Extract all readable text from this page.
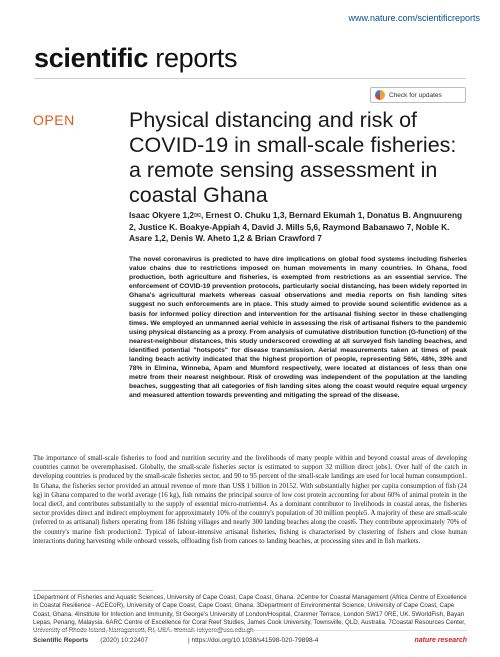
www.nature.com/scientificreports
scientific reports
Check for updates
OPEN	Physical distancing and risk of COVID-19 in small-scale fisheries: a remote sensing assessment in coastal Ghana
Isaac Okyere 1,2✉, Ernest O. Chuku 1,3, Bernard Ekumah 1, Donatus B. Angnuureng 2, Justice K. Boakye-Appiah 4, David J. Mills 5,6, Raymond Babanawo 7, Noble K. Asare 1,2, Denis W. Aheto 1,2 & Brian Crawford 7
The novel coronavirus is predicted to have dire implications on global food systems including fisheries value chains due to restrictions imposed on human movements in many countries. In Ghana, food production, both agriculture and fisheries, is exempted from restrictions as an essential service. The enforcement of COVID-19 prevention protocols, particularly social distancing, has been widely reported in Ghana's agricultural markets whereas casual observations and media reports on fish landing sites suggest no such enforcements are in place. This study aimed to provide sound scientific evidence as a basis for informed policy direction and intervention for the artisanal fishing sector in these challenging times. We employed an unmanned aerial vehicle in assessing the risk of artisanal fishers to the pandemic using physical distancing as a proxy. From analysis of cumulative distribution function (G-function) of the nearest-neighbour distances, this study underscored crowding at all surveyed fish landing beaches, and identified potential "hotspots" for disease transmission. Aerial measurements taken at times of peak landing beach activity indicated that the highest proportion of people, representing 56%, 48%, 39% and 78% in Elmina, Winneba, Apam and Mumford respectively, were located at distances of less than one metre from their nearest neighbour. Risk of crowding was independent of the population at the landing beaches, suggesting that all categories of fish landing sites along the coast would require equal urgency and measured attention towards preventing and mitigating the spread of the disease.
The importance of small-scale fisheries to food and nutrition security and the livelihoods of many people within and beyond coastal areas of developing countries cannot be overemphasised. Globally, the small-scale fisheries sector is estimated to support 32 million direct jobs1. Over half of the catch in developing countries is produced by the small-scale fisheries sector, and 90 to 95 percent of the small-scale landings are used for local human consumption1. In Ghana, the fisheries sector provided an annual revenue of more than US$ 1 billion in 20152. With substantially higher per capita consumption of fish (24 kg) in Ghana compared to the world average (16 kg), fish remains the principal source of low cost protein accounting for about 60% of animal protein in the local diet3, and contributes substantially to the supply of essential micro-nutrients4. As a dominant contributor to livelihoods in coastal areas, the fisheries sector provides direct and indirect employment for approximately 10% of the country's population of 30 million people5. A majority of these are small-scale (referred to as artisanal) fishers operating from 186 fishing villages and nearly 300 landing beaches along the coast6. They contribute approximately 70% of the country's marine fish production2. Typical of labour-intensive artisanal fisheries, fishing is characterised by clustering of fishers and close human interactions during harvesting while onboard vessels, offloading fish from canoes to landing beaches, at processing sites and in fish markets.
1Department of Fisheries and Aquatic Sciences, University of Cape Coast, Cape Coast, Ghana. 2Centre for Coastal Management (Africa Centre of Excellence in Coastal Resilience - ACECoR), University of Cape Coast, Cape Coast, Ghana. 3Department of Environmental Science, University of Cape Coast, Cape Coast, Ghana. 4Institute for Infection and Immunity, St George's University of London/Hospital, Cranmer Terrace, London SW17 0RE, UK. 5WorldFish, Bayan Lepas, Penang, Malaysia. 6ARC Centre of Excellence for Coral Reef Studies, James Cook University, Townsville, QLD, Australia. 7Coastal Resources Center,
Scientific Reports (2020) 10:22407	| https://doi.org/10.1038/s41598-020-79898-4	nature research
